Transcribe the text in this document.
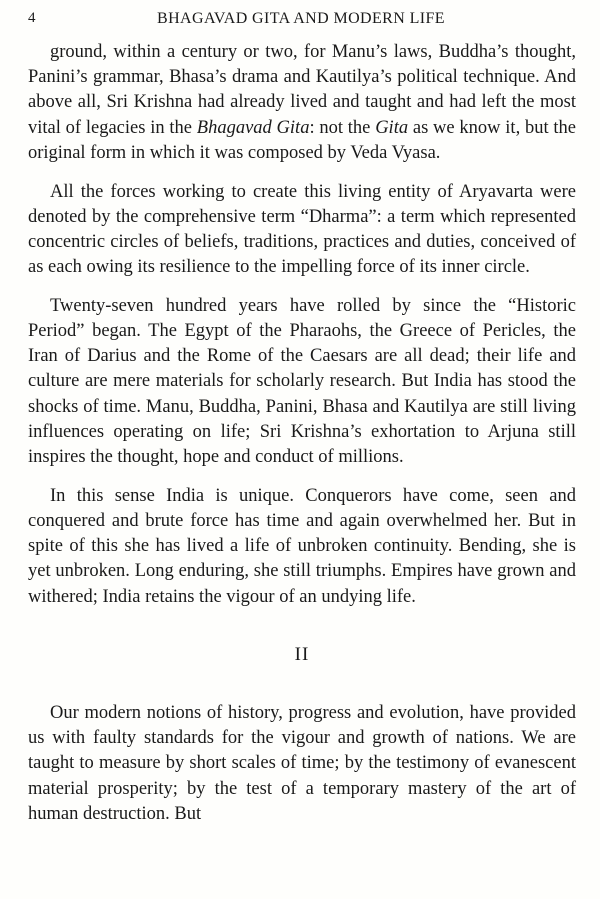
4	BHAGAVAD GITA AND MODERN LIFE

ground, within a century or two, for Manu’s laws, Buddha’s thought, Panini’s grammar, Bhasa’s drama and Kautilya’s political technique. And above all, Sri Krishna had already lived and taught and had left the most vital of legacies in the Bhagavad Gita: not the Gita as we know it, but the original form in which it was composed by Veda Vyasa.

All the forces working to create this living entity of Aryavarta were denoted by the comprehensive term “Dharma”: a term which represented concentric circles of beliefs, traditions, practices and duties, conceived of as each owing its resilience to the impelling force of its inner circle.

Twenty-seven hundred years have rolled by since the “Historic Period” began. The Egypt of the Pharaohs, the Greece of Pericles, the Iran of Darius and the Rome of the Caesars are all dead; their life and culture are mere materials for scholarly research. But India has stood the shocks of time. Manu, Buddha, Panini, Bhasa and Kautilya are still living influences operating on life; Sri Krishna’s exhortation to Arjuna still inspires the thought, hope and conduct of millions.

In this sense India is unique. Conquerors have come, seen and conquered and brute force has time and again overwhelmed her. But in spite of this she has lived a life of unbroken continuity. Bending, she is yet unbroken. Long enduring, she still triumphs. Empires have grown and withered; India retains the vigour of an undying life.

II

Our modern notions of history, progress and evolution, have provided us with faulty standards for the vigour and growth of nations. We are taught to measure by short scales of time; by the testimony of evanescent material prosperity; by the test of a temporary mastery of the art of human destruction. But
